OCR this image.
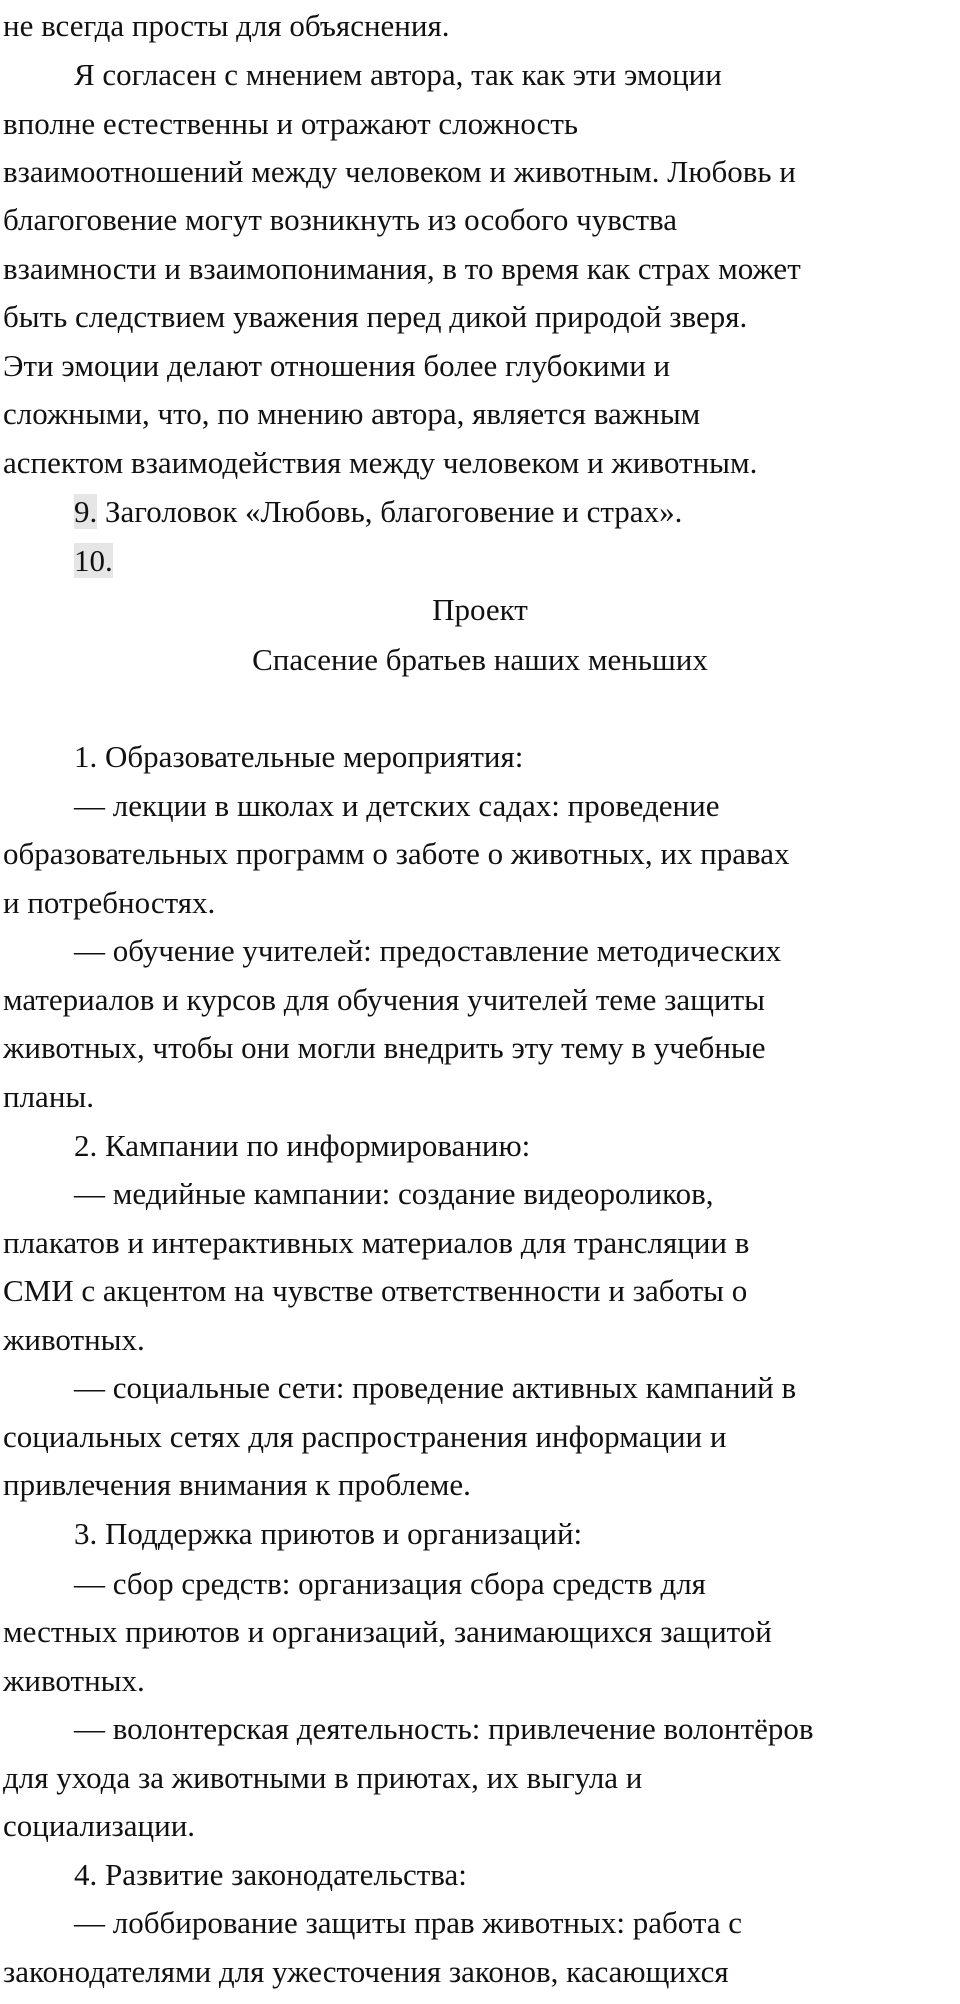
не всегда просты для объяснения.
Я согласен с мнением автора, так как эти эмоции
вполне естественны и отражают сложность
взаимоотношений между человеком и животным. Любовь и
благоговение могут возникнуть из особого чувства
взаимности и взаимопонимания, в то время как страх может
быть следствием уважения перед дикой природой зверя.
Эти эмоции делают отношения более глубокими и
сложными, что, по мнению автора, является важным
аспектом взаимодействия между человеком и животным.
9. Заголовок «Любовь, благоговение и страх».
10.
Проект
Спасение братьев наших меньших
1. Образовательные мероприятия:
— лекции в школах и детских садах: проведение
образовательных программ о заботе о животных, их правах
и потребностях.
— обучение учителей: предоставление методических
материалов и курсов для обучения учителей теме защиты
животных, чтобы они могли внедрить эту тему в учебные
планы.
2. Кампании по информированию:
— медийные кампании: создание видеороликов,
плакатов и интерактивных материалов для трансляции в
СМИ с акцентом на чувстве ответственности и заботы о
животных.
— социальные сети: проведение активных кампаний в
социальных сетях для распространения информации и
привлечения внимания к проблеме.
3. Поддержка приютов и организаций:
— сбор средств: организация сбора средств для
местных приютов и организаций, занимающихся защитой
животных.
— волонтерская деятельность: привлечение волонтёров
для ухода за животными в приютах, их выгула и
социализации.
4. Развитие законодательства:
— лоббирование защиты прав животных: работа с
законодателями для ужесточения законов, касающихся
